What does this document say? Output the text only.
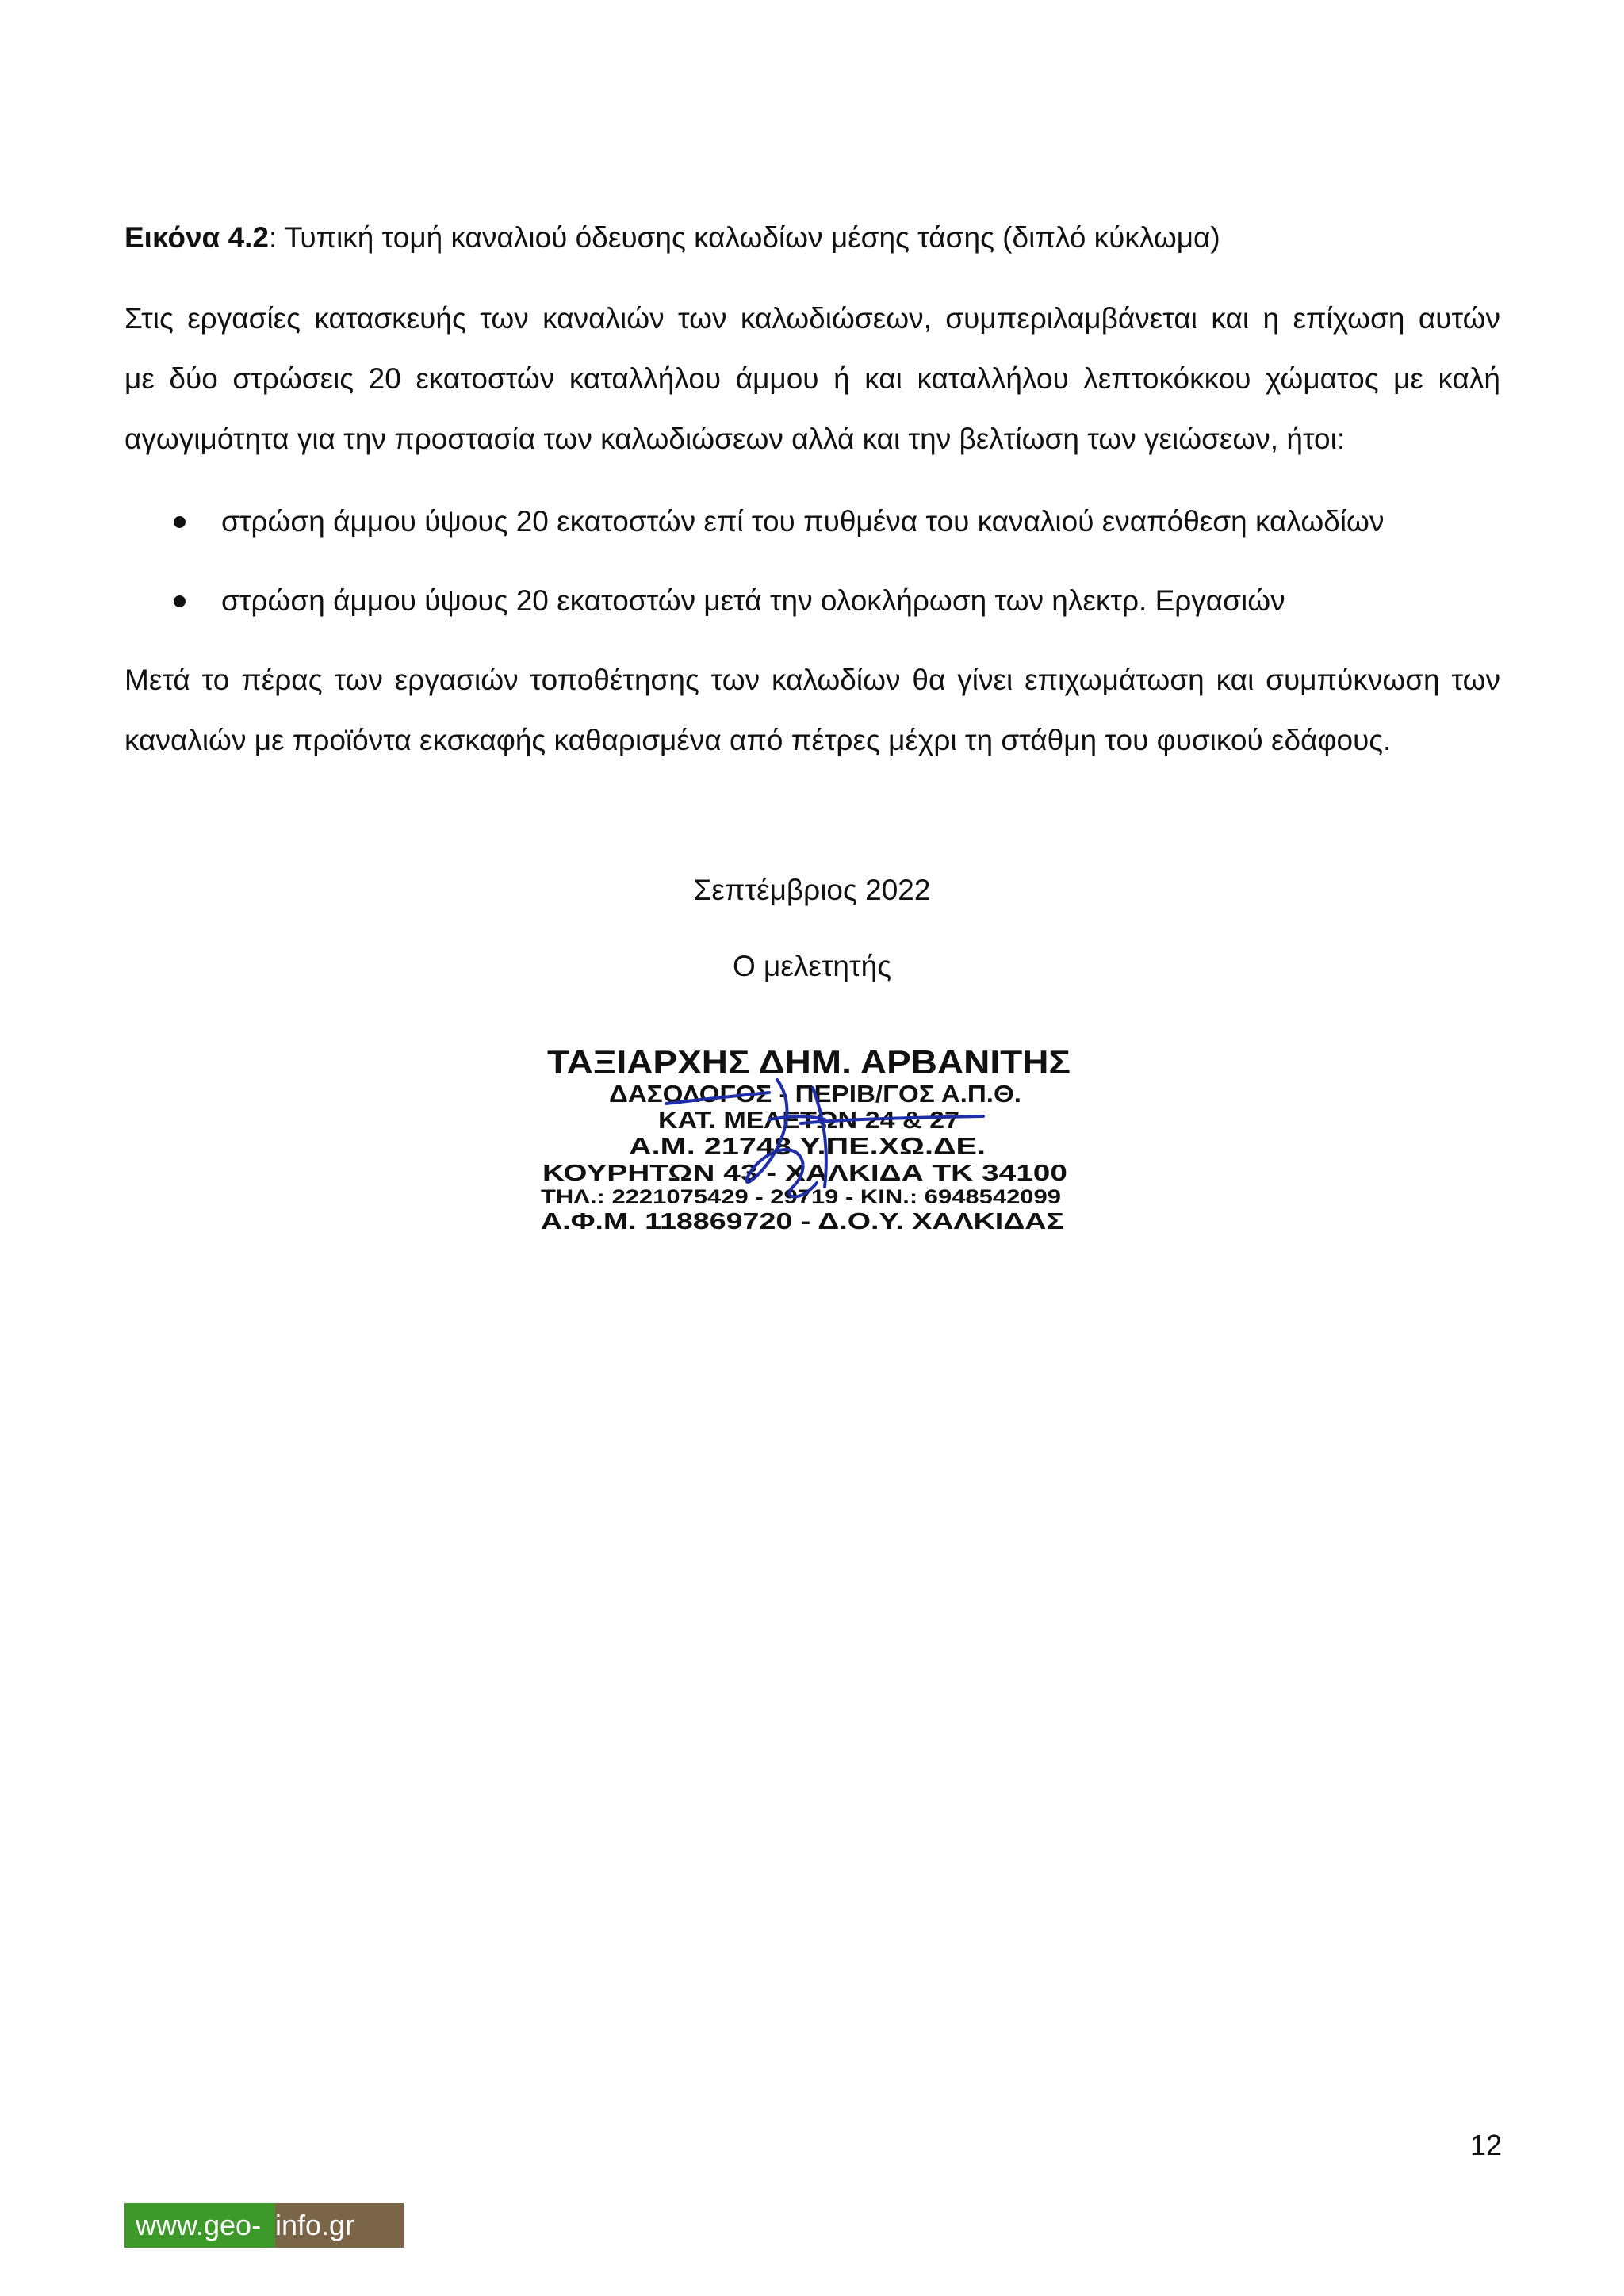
Εικόνα 4.2: Τυπική τομή καναλιού όδευσης καλωδίων μέσης τάσης (διπλό κύκλωμα)
Στις εργασίες κατασκευής των καναλιών των καλωδιώσεων, συμπεριλαμβάνεται και η επίχωση αυτών
με δύο στρώσεις 20 εκατοστών καταλλήλου άμμου ή και καταλλήλου λεπτοκόκκου χώματος με καλή
αγωγιμότητα για την προστασία των καλωδιώσεων αλλά και την βελτίωση των γειώσεων, ήτοι:
στρώση άμμου ύψους 20 εκατοστών επί του πυθμένα του καναλιού εναπόθεση καλωδίων
στρώση άμμου ύψους 20 εκατοστών μετά την ολοκλήρωση των ηλεκτρ. Εργασιών
Μετά το πέρας των εργασιών τοποθέτησης των καλωδίων θα γίνει επιχωμάτωση και συμπύκνωση των
καναλιών με προϊόντα εκσκαφής καθαρισμένα από πέτρες μέχρι τη στάθμη του φυσικού εδάφους.
Σεπτέμβριος 2022
Ο μελετητής
ΤΑΞΙΑΡΧΗΣ ΔΗΜ. ΑΡΒΑΝΙΤΗΣ
ΔΑΣΟΛΟΓΟΣ - ΠΕΡΙΒ/ΓΟΣ Α.Π.Θ.
ΚΑΤ. ΜΕΛΕΤΩΝ 24 & 27
Α.Μ. 21748 Υ.ΠΕ.ΧΩ.ΔΕ.
ΚΟΥΡΗΤΩΝ 43 - ΧΑΛΚΙΔΑ ΤΚ 34100
ΤΗΛ.: 2221075429 - 29719 - ΚΙΝ.: 6948542099
Α.Φ.Μ. 118869720 - Δ.Ο.Υ. ΧΑΛΚΙΔΑΣ
12
www.geo- info.gr
